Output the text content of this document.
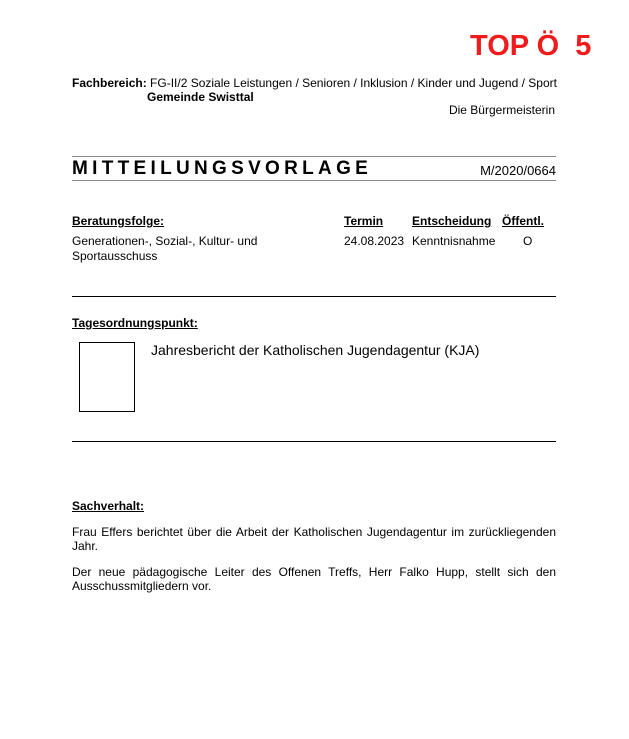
TOP Ö  5
Fachbereich: FG-II/2 Soziale Leistungen / Senioren / Inklusion / Kinder und Jugend / Sport
Gemeinde Swisttal
Die Bürgermeisterin
MITTEILUNGSVORLAGE	M/2020/0664
Beratungsfolge:	Termin Entscheidung Öffentl.
Generationen-, Sozial-, Kultur- und
Sportausschuss
24.08.2023 Kenntnisnahme O
Tagesordnungspunkt:
Jahresbericht der Katholischen Jugendagentur (KJA)
Sachverhalt:
Frau Effers berichtet über die Arbeit der Katholischen Jugendagentur im zurückliegenden Jahr.
Der neue pädagogische Leiter des Offenen Treffs, Herr Falko Hupp, stellt sich den Ausschussmitgliedern vor.
